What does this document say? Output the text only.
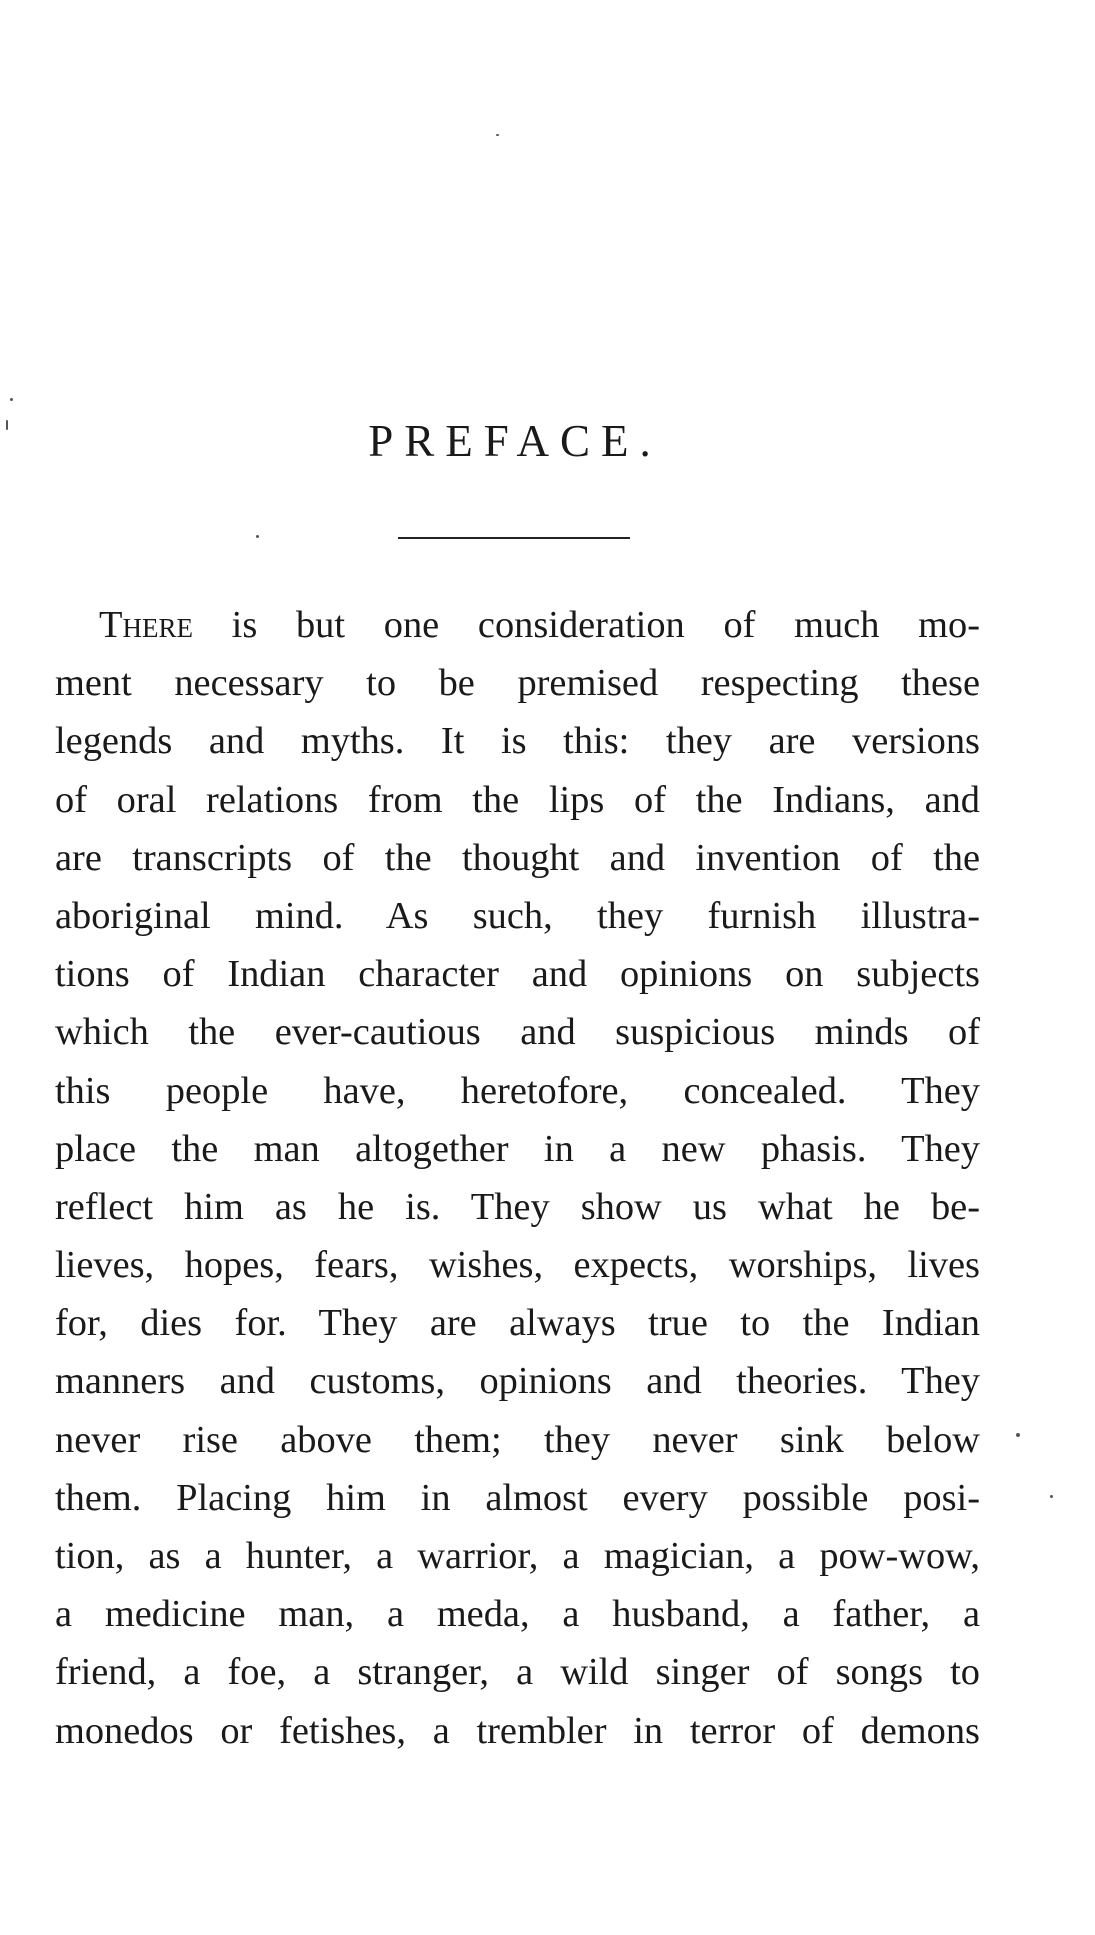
PREFACE.
There is but one consideration of much mo-
ment necessary to be premised respecting these
legends and myths. It is this: they are versions
of oral relations from the lips of the Indians, and
are transcripts of the thought and invention of the
aboriginal mind. As such, they furnish illustra-
tions of Indian character and opinions on subjects
which the ever-cautious and suspicious minds of
this people have, heretofore, concealed. They
place the man altogether in a new phasis. They
reflect him as he is. They show us what he be-
lieves, hopes, fears, wishes, expects, worships, lives
for, dies for. They are always true to the Indian
manners and customs, opinions and theories. They
never rise above them; they never sink below
them. Placing him in almost every possible posi-
tion, as a hunter, a warrior, a magician, a pow-wow,
a medicine man, a meda, a husband, a father, a
friend, a foe, a stranger, a wild singer of songs to
monedos or fetishes, a trembler in terror of demons
